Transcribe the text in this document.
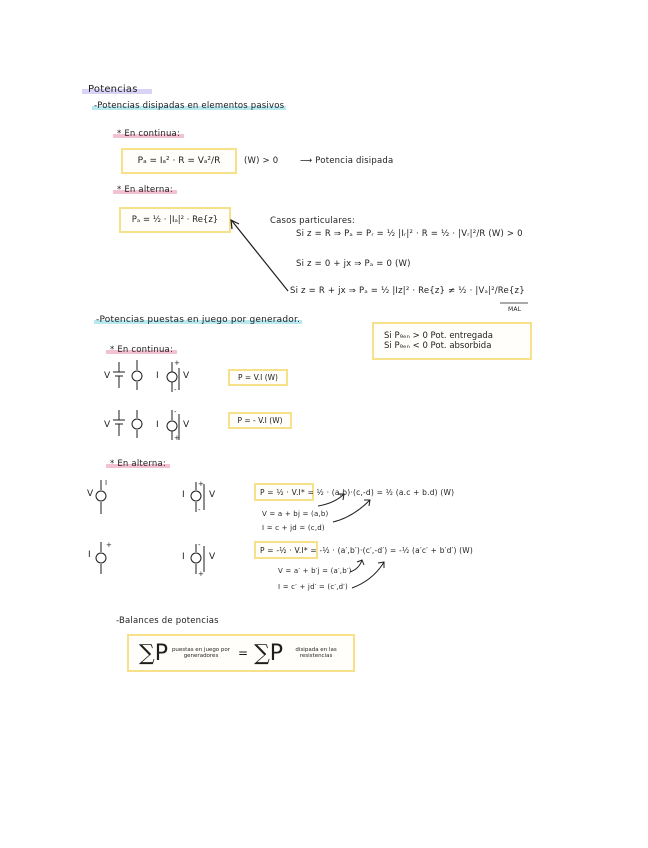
Potencias
-Potencias disipadas en elementos pasivos
* En continua:
Pₐ = Iₐ² · R = Vₐ²/R	(W) > 0	⟶ Potencia disipada
* En alterna:
Pₐ = ½ · |Iₐ|² · Re{z}	Casos particulares:
Si z = R ⇒ Pₐ = Pᵣ = ½ |Iᵣ|² · R = ½ · |Vᵣ|²/R (W) > 0
Si z = 0 + jx ⇒ Pₐ = 0 (W)
Si z = R + jx ⇒ Pₐ = ½ |Iz|² · Re{z} ≠ ½ · |Vₐ|²/Re{z}
MAL
-Potencias puestas en juego por generador.
Si P₉ₑₙ > 0 Pot. entregada
Si P₉ₑₙ < 0 Pot. absorbida
* En continua:
V	I	V
+
-
P = V.I (W)
V	I	V
-
+
P = - V.I (W)
* En alterna:
V
I
I	V
+
-
P = ½ · V.I* = ½ · (a,b)·(c,-d) = ½ (a.c + b.d) (W)
V = a + bj = (a,b)
I = c + jd = (c,d)
I
+
I	V
-
+
P = -½ · V.I* = -½ · (a′,b′)·(c′,-d′) = -½ (a′c′ + b′d′) (W)
V = a′ + b′j = (a′,b′)
I = c′ + jd′ = (c′,d′)
-Balances de potencias
∑ P puestas en juego por generadores	= ∑ P	disipada en las resistencias
